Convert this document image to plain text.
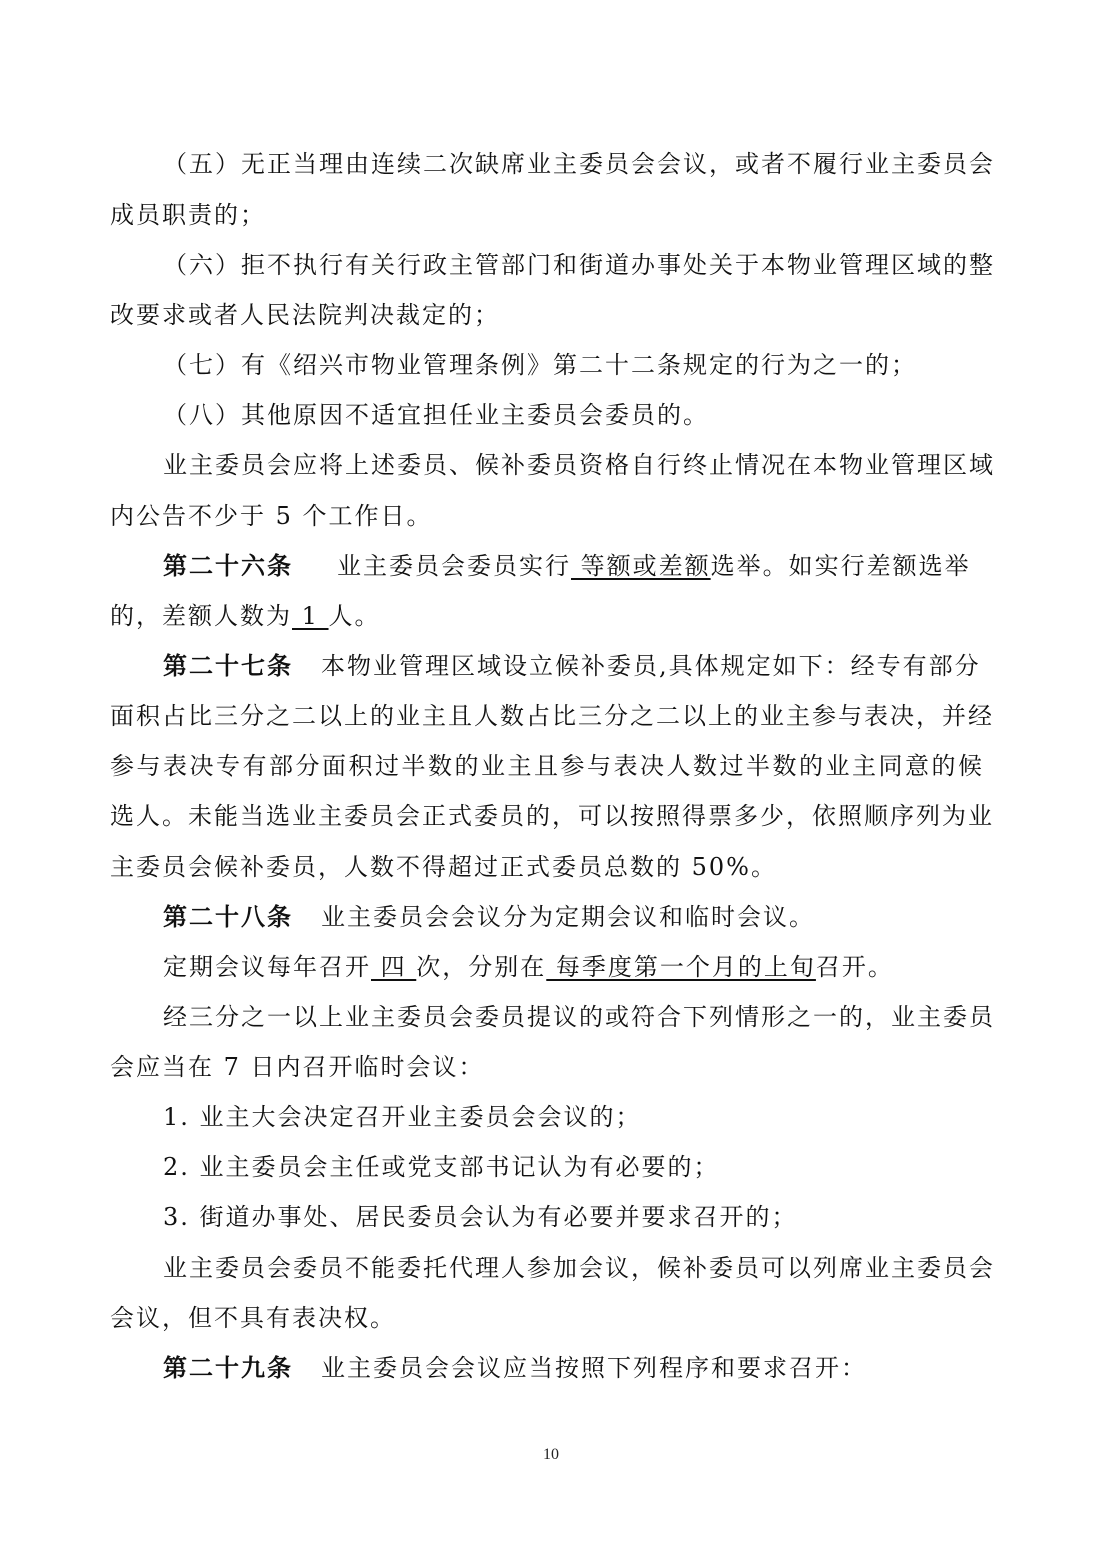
（五）无正当理由连续二次缺席业主委员会会议，或者不履行业主委员会
成员职责的；
（六）拒不执行有关行政主管部门和街道办事处关于本物业管理区域的整
改要求或者人民法院判决裁定的；
（七）有《绍兴市物业管理条例》第二十二条规定的行为之一的；
（八）其他原因不适宜担任业主委员会委员的。
业主委员会应将上述委员、候补委员资格自行终止情况在本物业管理区域
内公告不少于 5 个工作日。
第二十六条 业主委员会委员实行 等额或差额选举。如实行差额选举
的，差额人数为 1 人。
第二十七条 本物业管理区域设立候补委员,具体规定如下：经专有部分
面积占比三分之二以上的业主且人数占比三分之二以上的业主参与表决，并经
参与表决专有部分面积过半数的业主且参与表决人数过半数的业主同意的候
选人。未能当选业主委员会正式委员的，可以按照得票多少，依照顺序列为业
主委员会候补委员，人数不得超过正式委员总数的 50%。
第二十八条 业主委员会会议分为定期会议和临时会议。
定期会议每年召开 四 次，分别在 每季度第一个月的上旬召开。
经三分之一以上业主委员会委员提议的或符合下列情形之一的，业主委员
会应当在 7 日内召开临时会议：
1. 业主大会决定召开业主委员会会议的；
2. 业主委员会主任或党支部书记认为有必要的；
3. 街道办事处、居民委员会认为有必要并要求召开的；
业主委员会委员不能委托代理人参加会议，候补委员可以列席业主委员会
会议，但不具有表决权。
第二十九条 业主委员会会议应当按照下列程序和要求召开：
10
